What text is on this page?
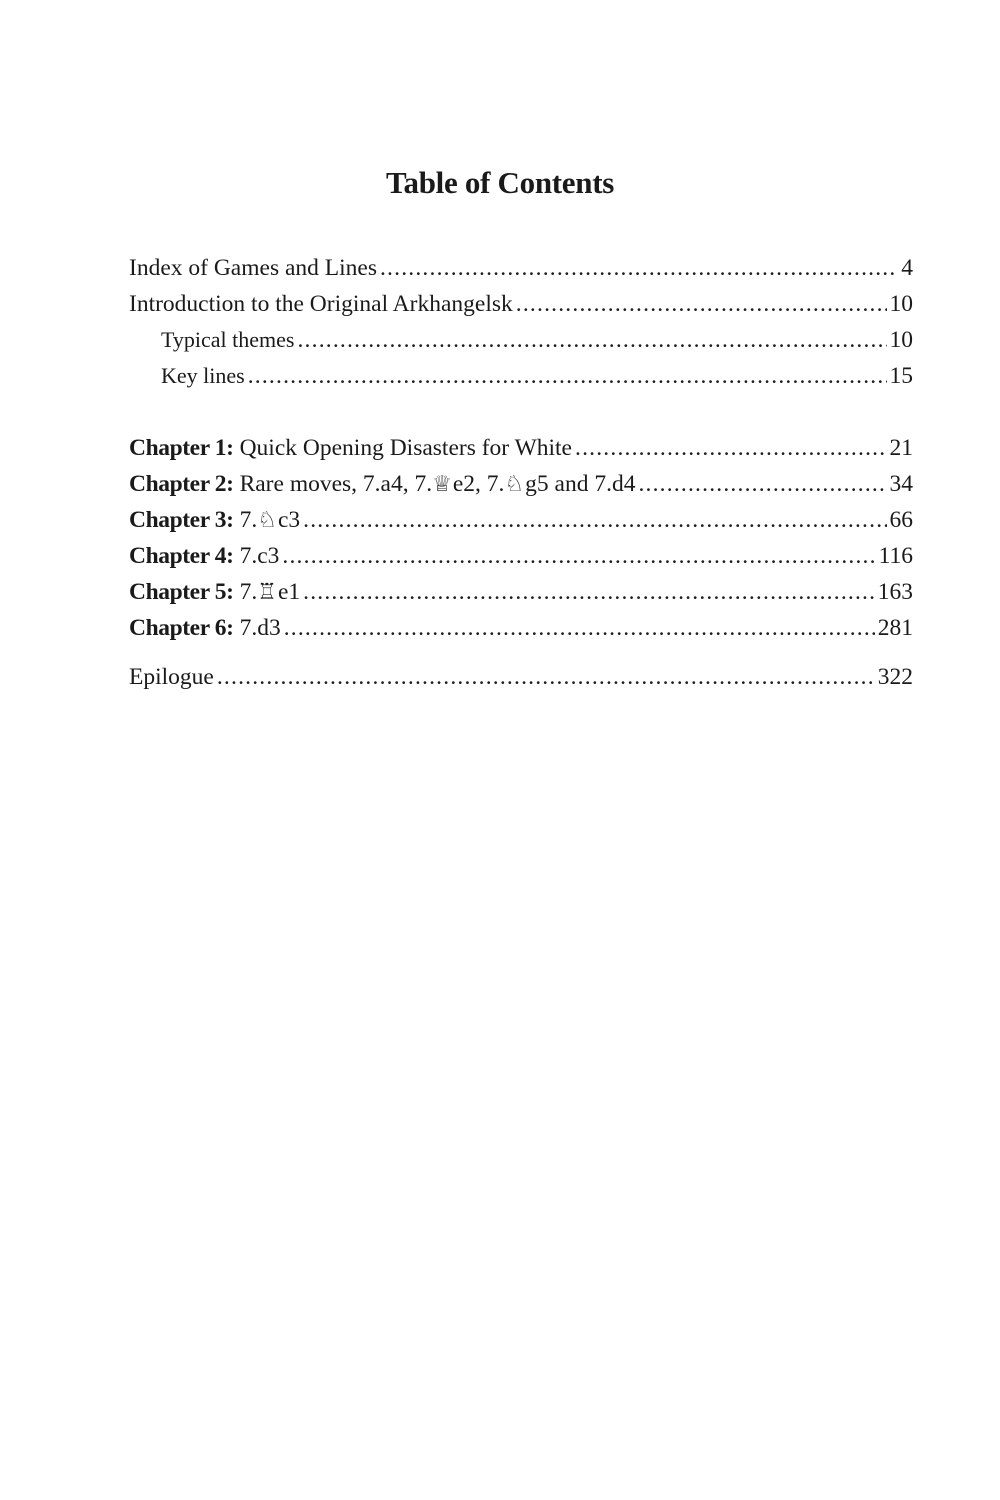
Table of Contents
Index of Games and Lines .....	4
Introduction to the Original Arkhangelsk .....	10
Typical themes .....	10
Key lines .....	15
Chapter 1: Quick Opening Disasters for White .....	21
Chapter 2: Rare moves, 7.a4, 7.♕e2, 7.♘g5 and 7.d4 .....	34
Chapter 3: 7.♘c3 .....	66
Chapter 4: 7.c3 .....	116
Chapter 5: 7.♖e1 .....	163
Chapter 6: 7.d3 .....	281
Epilogue .....	322
